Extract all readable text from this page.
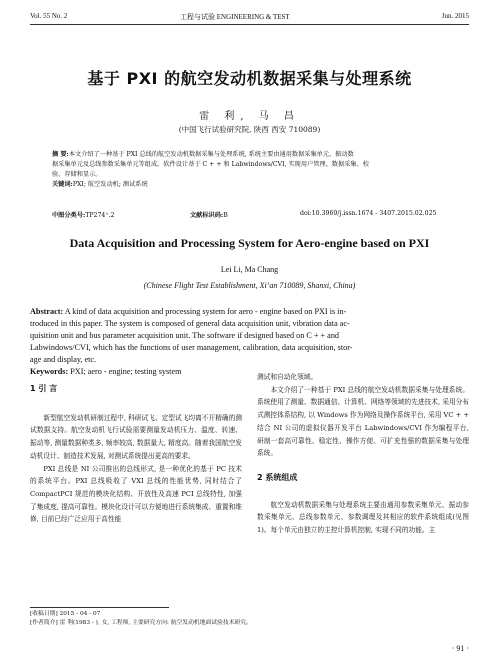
Vol. 55 No. 2	工程与试验 ENGINEERING & TEST	Jun. 2015
基于 PXI 的航空发动机数据采集与处理系统
雷 利, 马 昌
(中国飞行试验研究院, 陕西 西安 710089)
摘 要:本文介绍了一种基于 PXI 总线的航空发动机数据采集与处理系统, 系统主要由通用数据采集单元、振动数
据采集单元及总线参数采集单元等组成。软件设计基于 C + + 和 Labwindows/CVI, 实现用户管理、数据采集、校
验、存储和显示。
关键词:PXI; 航空发动机; 测试系统
中图分类号:TP274⁺.2	文献标识码:B	doi:10.3969/j.issn.1674 - 3407.2015.02.025
Data Acquisition and Processing System for Aero-engine based on PXI
Lei Li, Ma Chang
(Chinese Flight Test Establishment, Xi’an 710089, Shanxi, China)
Abstract: A kind of data acquisition and processing system for aero - engine based on PXI is in-
troduced in this paper. The system is composed of general data acquisition unit, vibration data ac-
quisition unit and bus parameter acquisition unit. The software if designed based on C + + and
Labwindows/CVI, which has the functions of user management, calibration, data acquisition, stor-
age and display, etc.
Keywords: PXI; aero - engine; testing system
1 引 言

新型航空发动机研制过程中, 科研试飞、定型试飞均离不开精确的测试数据支持。航空发动机飞行试验需要测量发动机压力、温度、转速、振动等, 测量数据种类多, 频率较高, 数据量大, 精度高。随着我国航空发动机设计、制造技术发展, 对测试系统提出更高的要求。

PXI 总线是 NI 公司推出的总线形式, 是一种优化的基于 PC 技术的系统平台。PXI 总线吸收了 VXI 总线的性能优势, 同时结合了 CompactPCI 规范的模块化结构、开放性及高速 PCI 总线特性, 加强了集成度, 提高可靠性。模块化设计可以方便地进行系统集成、重置和维修, 目前已经广泛应用于高性能

测试和自动化领域。

本文介绍了一种基于 PXI 总线的航空发动机数据采集与处理系统。系统使用了测量、数据通信、计算机、网络等领域的先进技术, 采用分布式测控体系结构, 以 Windows 作为网络及操作系统平台, 采用 VC + + 结合 NI 公司的虚拟仪器开发平台 Labwindows/CVI 作为编程平台, 研制一套高可靠性、稳定性、操作方便、可扩充性强的数据采集与处理系统。

2 系统组成

航空发动机数据采集与处理系统主要由通用参数采集单元、振动参数采集单元、总线参数单元、参数调理及其相应的软件系统组成(见图 1)。每个单元由独立的主控计算机控制, 实现不同的功能。主

[收稿日期] 2015 - 04 - 07
[作者简介] 雷 利(1983 - ), 女, 工程师, 主要研究方向: 航空发动机地面试验技术研究。
· 91 ·
